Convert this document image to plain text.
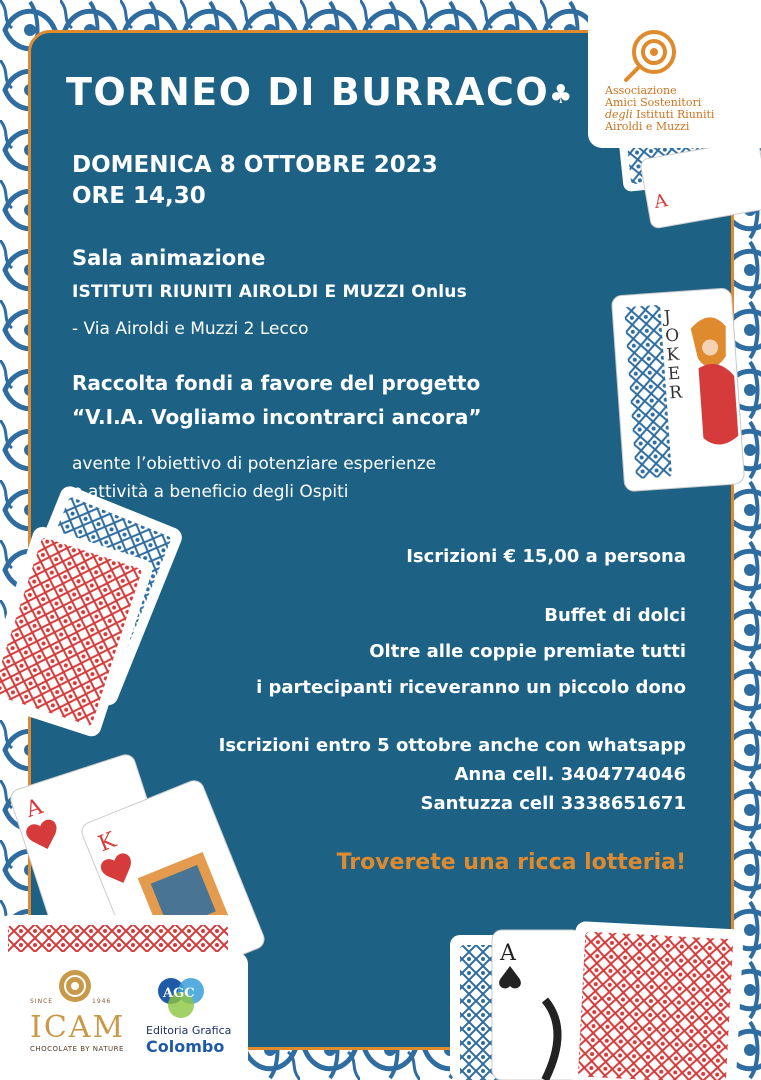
A
J
O
K
E
R
A
K
A
Associazione
Amici Sostenitori
degli Istituti Riuniti
Airoldi e Muzzi
TORNEO DI BURRACO♣
DOMENICA 8 OTTOBRE 2023
ORE 14,30
Sala animazione
ISTITUTI RIUNITI AIROLDI E MUZZI Onlus
- Via Airoldi e Muzzi 2 Lecco
Raccolta fondi a favore del progetto
“V.I.A. Vogliamo incontrarci ancora”
avente l’obiettivo di potenziare esperienze
e attività a beneficio degli Ospiti
Iscrizioni € 15,00 a persona
Buffet di dolci
Oltre alle coppie premiate tutti
i partecipanti riceveranno un piccolo dono
Iscrizioni entro 5 ottobre anche con whatsapp
Anna cell. 3404774046
Santuzza cell 3338651671
Troverete una ricca lotteria!
SINCE	1946
ICAM
CHOCOLATE BY NATURE
AGC
Editoria Grafica
Colombo
